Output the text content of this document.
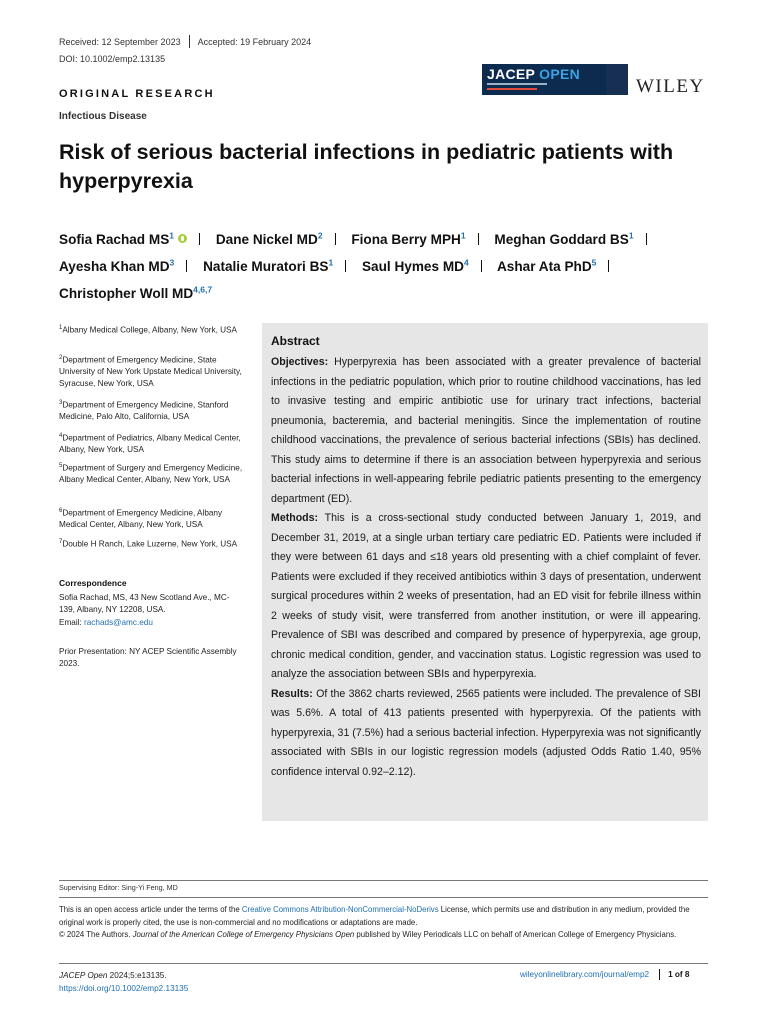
Received: 12 September 2023 Accepted: 19 February 2024
DOI: 10.1002/emp2.13135
JACEP OPEN
WILEY
ORIGINAL RESEARCH
Infectious Disease
Risk of serious bacterial infections in pediatric patients with hyperpyrexia
Sofia Rachad $MS^1$	Dane Nickel $MD^2$ Fiona Berry MPH$^1$ Meghan Goddard $BS^1$
Ayesha Khan $MD^3$ Natalie Muratori $BS^1$ Saul Hymes $MD^4$ Ashar Ata PhD$^5$
Christopher Woll MD$^{4,6,7}$
$^1$Albany Medical College, Albany, New York, USA
$^2$Department of Emergency Medicine, State University of New York Upstate Medical University, Syracuse, New York, USA
$^3$Department of Emergency Medicine, Stanford Medicine, Palo Alto, California, USA
$^4$Department of Pediatrics, Albany Medical Center, Albany, New York, USA
$^5$Department of Surgery and Emergency Medicine, Albany Medical Center, Albany, New York, USA
$^6$Department of Emergency Medicine, Albany Medical Center, Albany, New York, USA
$^7$Double H Ranch, Lake Luzerne, New York, USA
Correspondence
Sofia Rachad, MS, 43 New Scotland Ave., MC-139, Albany, NY 12208, USA.
Email: rachads@amc.edu
Prior Presentation: NY ACEP Scientific Assembly 2023.
Abstract
Objectives: Hyperpyrexia has been associated with a greater prevalence of bacterial infections in the pediatric population, which prior to routine childhood vaccinations, has led to invasive testing and empiric antibiotic use for urinary tract infections, bacterial pneumonia, bacteremia, and bacterial meningitis. Since the implementation of routine childhood vaccinations, the prevalence of serious bacterial infections (SBIs) has declined. This study aims to determine if there is an association between hyperpyrexia and serious bacterial infections in well-appearing febrile pediatric patients presenting to the emergency department (ED).
Methods: This is a cross-sectional study conducted between January 1, 2019, and December 31, 2019, at a single urban tertiary care pediatric ED. Patients were included if they were between 61 days and ≤18 years old presenting with a chief complaint of fever. Patients were excluded if they received antibiotics within 3 days of presentation, underwent surgical procedures within 2 weeks of presentation, had an ED visit for febrile illness within 2 weeks of study visit, were transferred from another institution, or were ill appearing. Prevalence of SBI was described and compared by presence of hyperpyrexia, age group, chronic medical condition, gender, and vaccination status. Logistic regression was used to analyze the association between SBIs and hyperpyrexia.
Results: Of the 3862 charts reviewed, 2565 patients were included. The prevalence of SBI was 5.6%. A total of 413 patients presented with hyperpyrexia. Of the patients with hyperpyrexia, 31 (7.5%) had a serious bacterial infection. Hyperpyrexia was not significantly associated with SBIs in our logistic regression models (adjusted Odds Ratio 1.40, 95% confidence interval 0.92–2.12).
Supervising Editor: Sing-Yi Feng, MD
This is an open access article under the terms of the Creative Commons Attribution-NonCommercial-NoDerivs License, which permits use and distribution in any medium, provided the original work is properly cited, the use is non-commercial and no modifications or adaptations are made.
© 2024 The Authors. Journal of the American College of Emergency Physicians Open published by Wiley Periodicals LLC on behalf of American College of Emergency Physicians.
JACEP Open 2024;5:e13135.
https://doi.org/10.1002/emp2.13135
wileyonlinelibrary.com/journal/emp2 1 of 8
